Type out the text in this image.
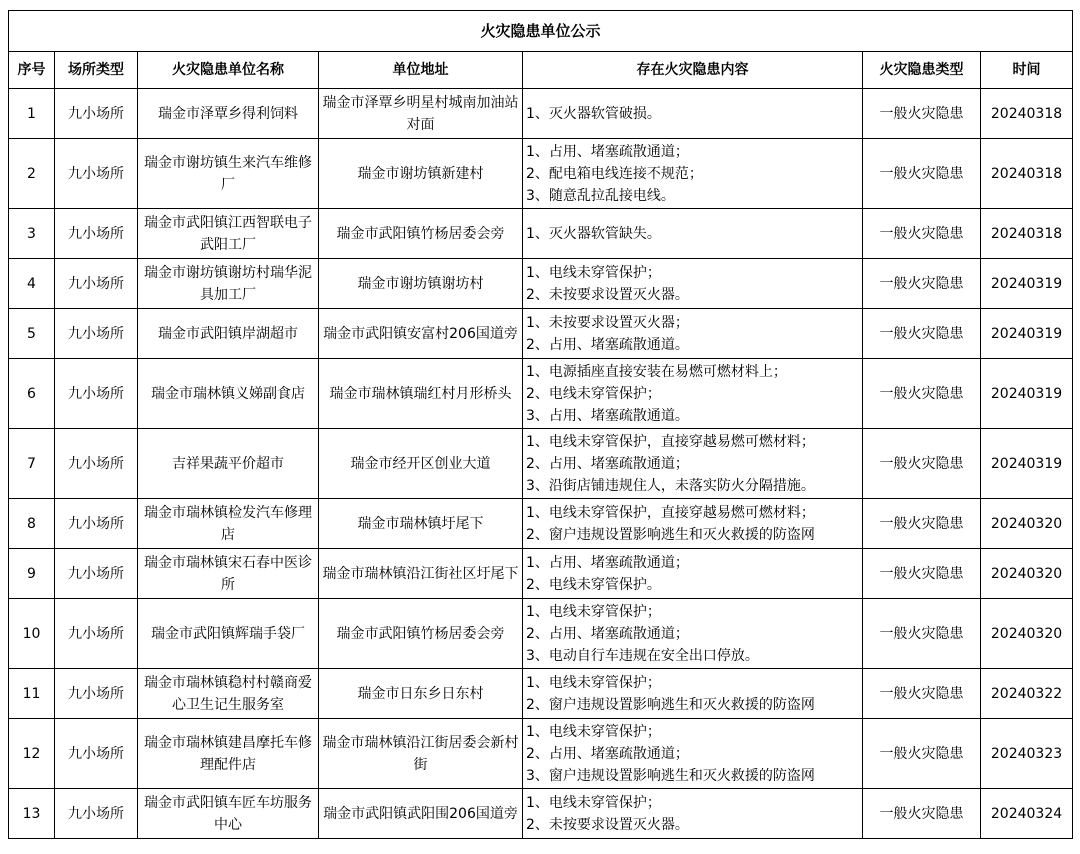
火灾隐患单位公示						
序号	场所类型	火灾隐患单位名称	单位地址	存在火灾隐患内容	火灾隐患类型	时间
1	九小场所	瑞金市泽覃乡得利饲料	瑞金市泽覃乡明星村城南加油站对面	1、灭火器软管破损。	一般火灾隐患	20240318
2	九小场所	瑞金市谢坊镇生来汽车维修厂	瑞金市谢坊镇新建村	1、占用、堵塞疏散通道；
2、配电箱电线连接不规范；
3、随意乱拉乱接电线。	一般火灾隐患	20240318
3	九小场所	瑞金市武阳镇江西智联电子武阳工厂	瑞金市武阳镇竹杨居委会旁	1、灭火器软管缺失。	一般火灾隐患	20240318
4	九小场所	瑞金市谢坊镇谢坊村瑞华泥具加工厂	瑞金市谢坊镇谢坊村	1、电线未穿管保护；
2、未按要求设置灭火器。	一般火灾隐患	20240319
5	九小场所	瑞金市武阳镇岸湖超市	瑞金市武阳镇安富村206国道旁	1、未按要求设置灭火器；
2、占用、堵塞疏散通道。	一般火灾隐患	20240319
6	九小场所	瑞金市瑞林镇义娣副食店	瑞金市瑞林镇瑞红村月形桥头	1、电源插座直接安装在易燃可燃材料上；
2、电线未穿管保护；
3、占用、堵塞疏散通道。	一般火灾隐患	20240319
7	九小场所	吉祥果蔬平价超市	瑞金市经开区创业大道	1、电线未穿管保护，直接穿越易燃可燃材料；
2、占用、堵塞疏散通道；
3、沿街店铺违规住人，未落实防火分隔措施。	一般火灾隐患	20240319
8	九小场所	瑞金市瑞林镇检发汽车修理店	瑞金市瑞林镇圩尾下	1、电线未穿管保护，直接穿越易燃可燃材料；
2、窗户违规设置影响逃生和灭火救援的防盗网	一般火灾隐患	20240320
9	九小场所	瑞金市瑞林镇宋石春中医诊所	瑞金市瑞林镇沿江街社区圩尾下	1、占用、堵塞疏散通道；
2、电线未穿管保护。	一般火灾隐患	20240320
10	九小场所	瑞金市武阳镇辉瑞手袋厂	瑞金市武阳镇竹杨居委会旁	1、电线未穿管保护；
2、占用、堵塞疏散通道；
3、电动自行车违规在安全出口停放。	一般火灾隐患	20240320
11	九小场所	瑞金市瑞林镇稳村村赣商爱心卫生记生服务室	瑞金市日东乡日东村	1、电线未穿管保护；
2、窗户违规设置影响逃生和灭火救援的防盗网	一般火灾隐患	20240322
12	九小场所	瑞金市瑞林镇建昌摩托车修理配件店	瑞金市瑞林镇沿江街居委会新村街	1、电线未穿管保护；
2、占用、堵塞疏散通道；
3、窗户违规设置影响逃生和灭火救援的防盗网	一般火灾隐患	20240323
13	九小场所	瑞金市武阳镇车匠车坊服务中心	瑞金市武阳镇武阳围206国道旁	1、电线未穿管保护；
2、未按要求设置灭火器。	一般火灾隐患	20240324
